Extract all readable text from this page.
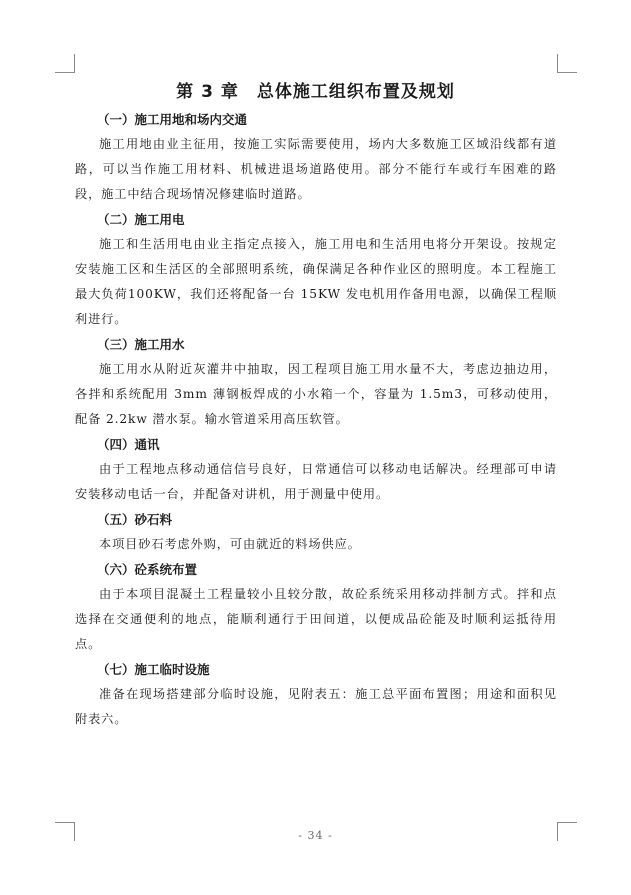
第 3 章 总体施工组织布置及规划
（一）施工用地和场内交通

施工用地由业主征用，按施工实际需要使用，场内大多数施工区域沿线都有道路，可以当作施工用材料、机械进退场道路使用。部分不能行车或行车困难的路段，施工中结合现场情况修建临时道路。

（二）施工用电

施工和生活用电由业主指定点接入，施工用电和生活用电将分开架设。按规定安装施工区和生活区的全部照明系统，确保满足各种作业区的照明度。本工程施工最大负荷100KW，我们还将配备一台 15KW 发电机用作备用电源，以确保工程顺利进行。

（三）施工用水

施工用水从附近灰灌井中抽取，因工程项目施工用水量不大，考虑边抽边用，各拌和系统配用 3mm 薄钢板焊成的小水箱一个，容量为 1.5m3，可移动使用，配备 2.2kw 潜水泵。输水管道采用高压软管。

（四）通讯

由于工程地点移动通信信号良好，日常通信可以移动电话解决。经理部可申请安装移动电话一台，并配备对讲机，用于测量中使用。

（五）砂石料

本项目砂石考虑外购，可由就近的料场供应。

（六）砼系统布置

由于本项目混凝土工程量较小且较分散，故砼系统采用移动拌制方式。拌和点选择在交通便利的地点，能顺利通行于田间道，以便成品砼能及时顺利运抵待用点。

（七）施工临时设施

准备在现场搭建部分临时设施，见附表五：施工总平面布置图；用途和面积见附表六。

- 34 -
